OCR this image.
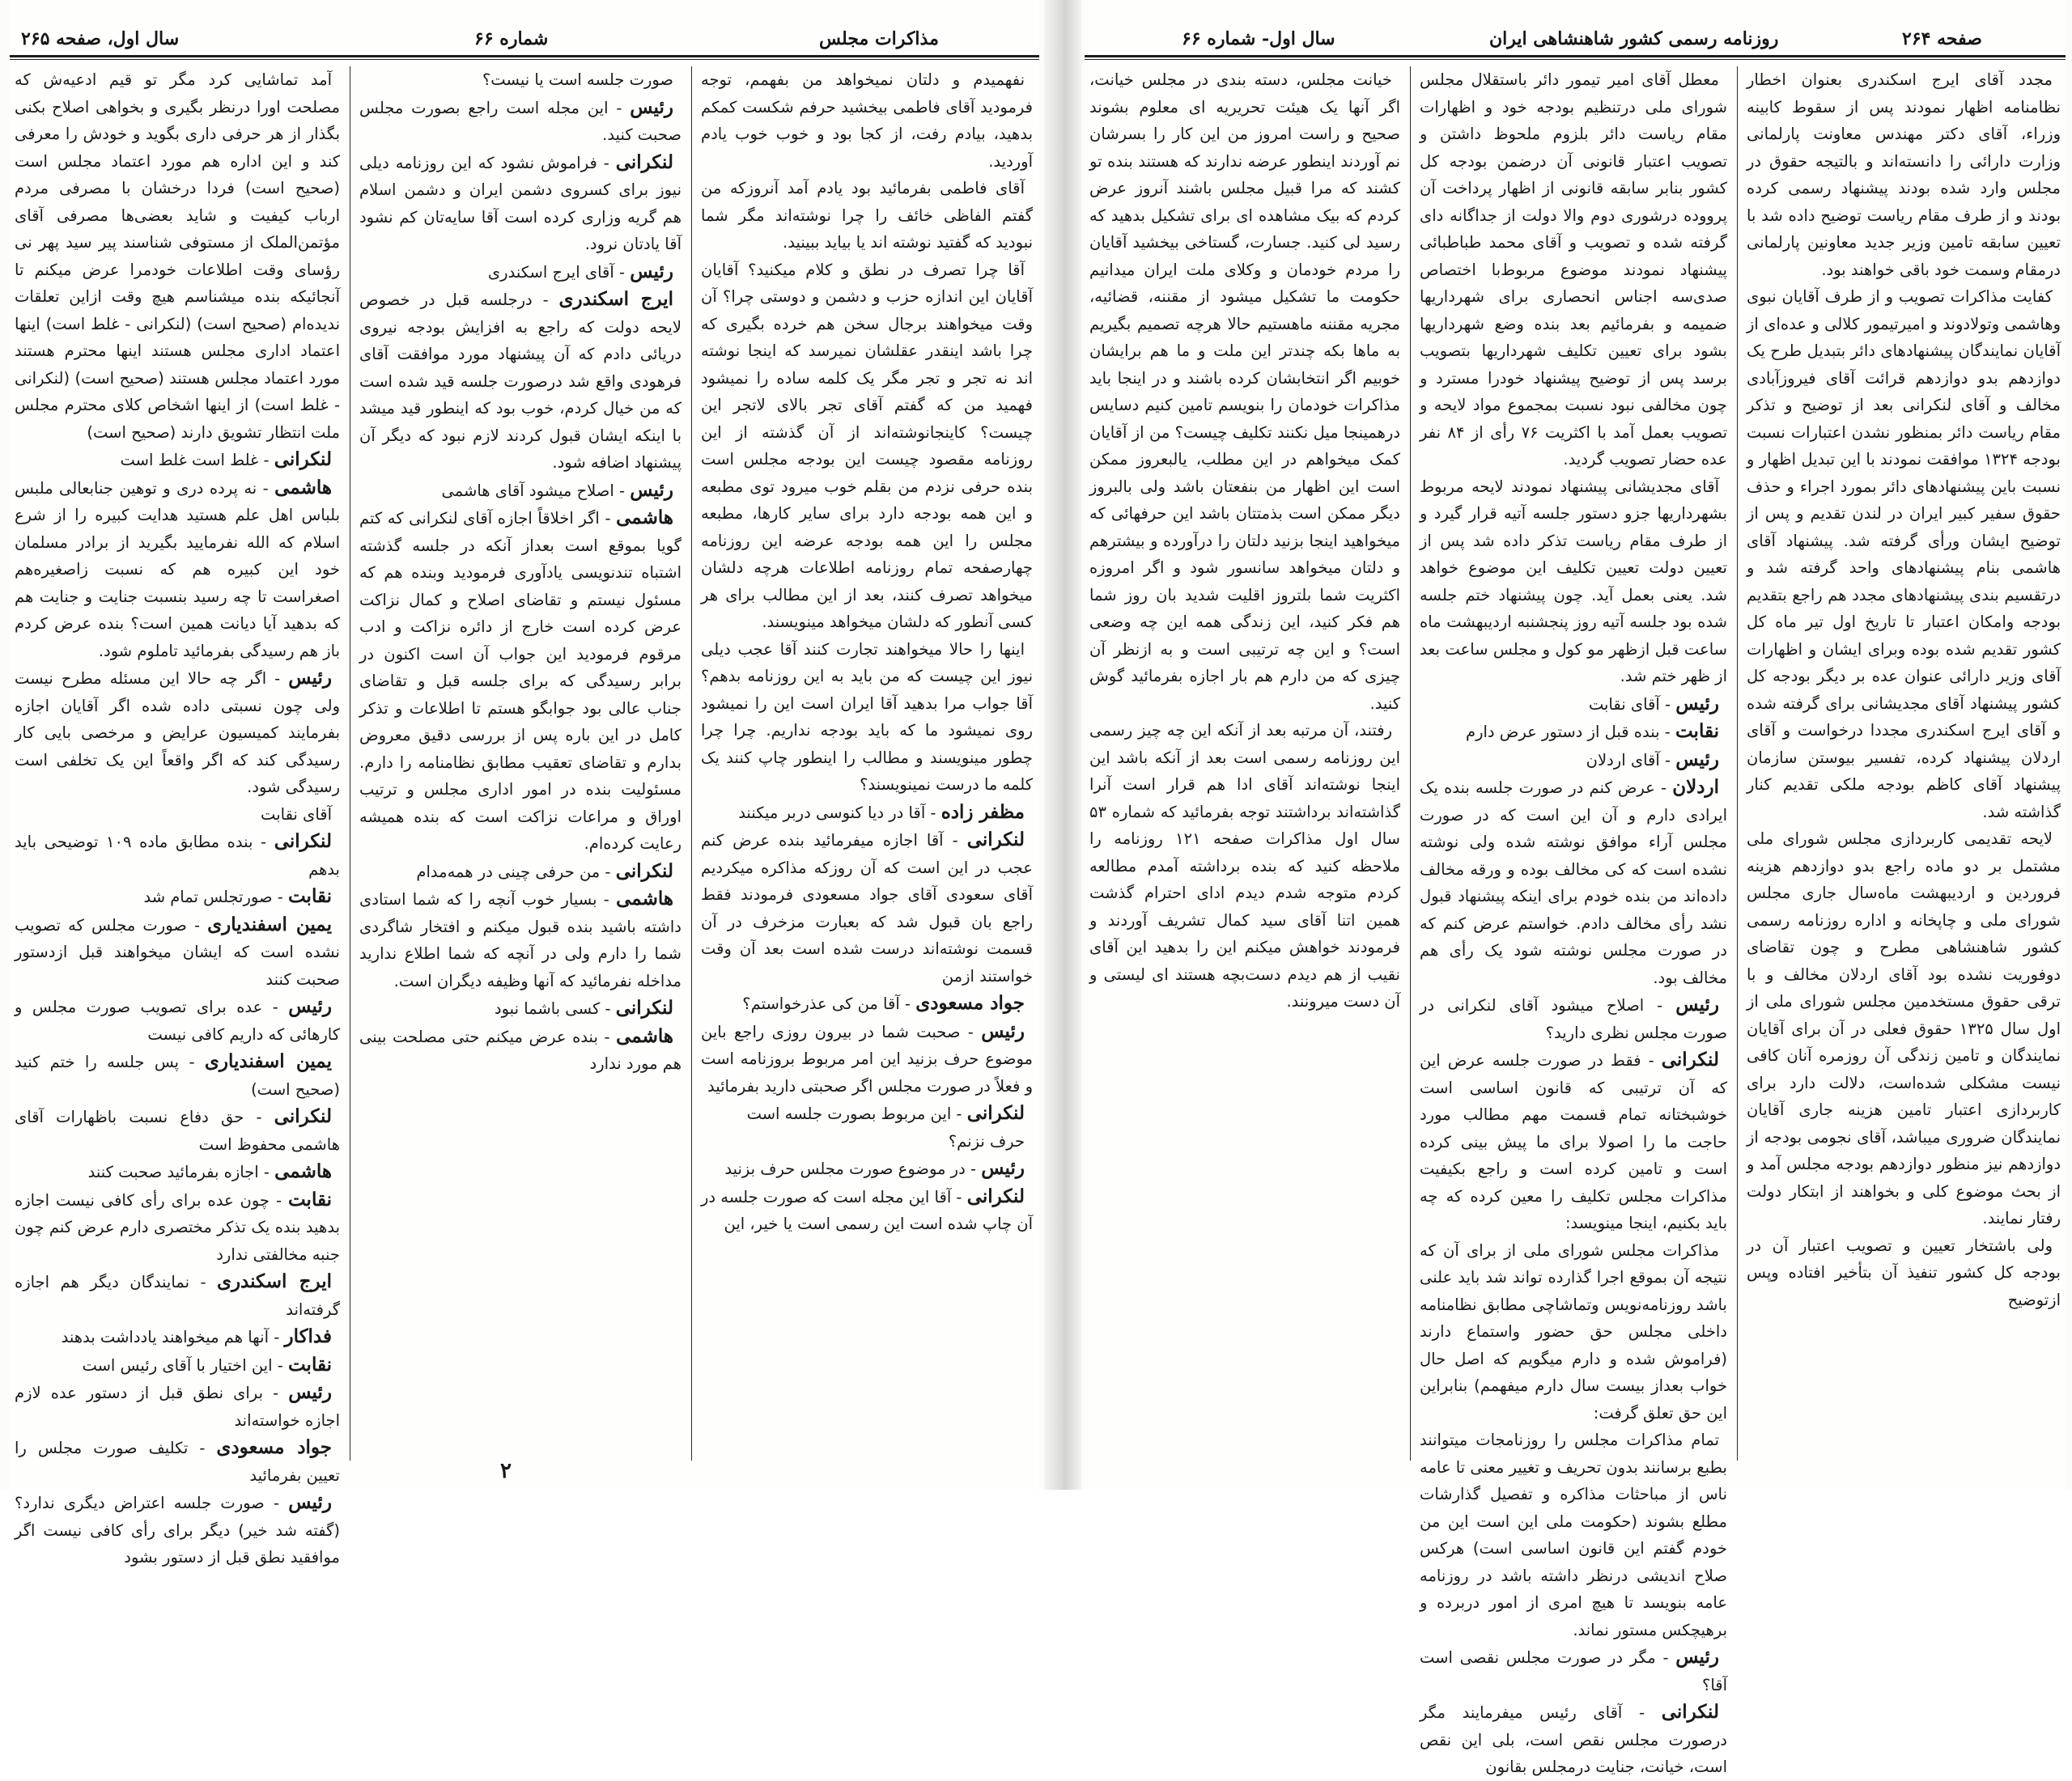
سال اول، صفحه ۲۶۵	شماره ۶۶	مذاکرات مجلس

آمد تماشایی کرد مگر تو قیم ادعیه‌ش که مصلحت اورا درنظر بگیری و بخواهی اصلاح بکنی بگذار از هر حرفی داری بگوید و خودش را معرفی کند و این اداره هم مورد اعتماد مجلس است (صحیح است) فردا درخشان با مصرفی مردم ارباب کیفیت و شاید بعضی‌ها مصرفی آقای مؤتمن‌الملک از مستوفی شناسند پیر سید پهر نی رؤسای وقت اطلاعات خودمرا عرض میکنم تا آنجائیکه بنده میشناسم هیچ وقت ازاین تعلقات ندیده‌ام (صحیح است) (لنکرانی - غلط است) اینها اعتماد اداری مجلس هستند اینها محترم هستند مورد اعتماد مجلس هستند (صحیح است) (لنکرانی - غلط است) از اینها اشخاص کلای محترم مجلس ملت انتظار تشویق دارند (صحیح است)

لنکرانی - غلط است غلط است

هاشمی - نه پرده دری و توهین جنابعالی ملبس بلباس اهل علم هستید هدایت کبیره را از شرع اسلام که الله نفرمایید بگیرید از برادر مسلمان خود این کبیره هم که نسبت زاصغیره‌هم اصغراست تا چه رسید بنسبت جنایت و جنایت هم که بدهید آیا دیانت همین است؟ بنده عرض کردم باز هم رسیدگی بفرمائید تاملوم شود.

رئیس - اگر چه حالا این مسئله مطرح نیست ولی چون نسبتی داده شده اگر آقایان اجازه بفرمایند کمیسیون عرایض و مرخصی بایی کار رسیدگی کند که اگر واقعاً این یک تخلفی است رسیدگی شود.

آقای نقابت

لنکرانی - بنده مطابق ماده ۱۰۹ توضیحی باید بدهم

نقابت - صورتجلس تمام شد

یمین اسفندیاری - صورت مجلس که تصویب نشده است که ایشان میخواهند قبل ازدستور صحبت کنند

رئیس - عده برای تصویب صورت مجلس و کارهائی که داریم کافی نیست

یمین اسفندیاری - پس جلسه را ختم کنید (صحیح است)

لنکرانی - حق دفاع نسبت باظهارات آقای هاشمی محفوظ است

هاشمی - اجازه بفرمائید صحبت کنند

نقابت - چون عده برای رأی کافی نیست اجازه بدهید بنده یک تذکر مختصری دارم عرض کنم چون جنبه مخالفتی ندارد

ایرج اسکندری - نمایندگان دیگر هم اجازه گرفته‌اند

فداکار - آنها هم میخواهند یادداشت بدهند

نقابت - این اختیار با آقای رئیس است

رئیس - برای نطق قبل از دستور عده لازم اجازه خواسته‌اند

جواد مسعودی - تکلیف صورت مجلس را تعیین بفرمائید

رئیس - صورت جلسه اعتراض دیگری ندارد؟ (گفته شد خیر) دیگر برای رأی کافی نیست اگر موافقید نطق قبل از دستور بشود

صورت جلسه است یا نیست؟

رئیس - این مجله است راجع بصورت مجلس صحبت کنید.

لنکرانی - فراموش نشود که این روزنامه دیلی نیوز برای کسروی دشمن ایران و دشمن اسلام هم گریه وزاری کرده است آقا سایه‌تان کم نشود آقا یادتان نرود.

رئیس - آقای ایرج اسکندری

ایرج اسکندری - درجلسه قبل در خصوص لایحه دولت که راجع به افزایش بودجه نیروی دریائی دادم که آن پیشنهاد مورد موافقت آقای فرهودی واقع شد درصورت جلسه قید شده است که من خیال کردم، خوب بود که اینطور قید میشد با اینکه ایشان قبول کردند لازم نبود که دیگر آن پیشنهاد اضافه شود.

رئیس - اصلاح میشود آقای هاشمی

هاشمی - اگر اخلاقاً اجازه آقای لنکرانی که کتم گویا بموقع است بعداز آنکه در جلسه گذشته اشتباه تندنویسی یادآوری فرمودید وبنده هم که مسئول نیستم و تقاضای اصلاح و کمال نزاکت عرض کرده است خارج از دائره نزاکت و ادب مرقوم فرمودید این جواب آن است اکنون در برابر رسیدگی که برای جلسه قبل و تقاضای جناب عالی بود جوابگو هستم تا اطلاعات و تذکر کامل در این باره پس از بررسی دقیق معروض بدارم و تقاضای تعقیب مطابق نظامنامه را دارم. مسئولیت بنده در امور اداری مجلس و ترتیب اوراق و مراعات نزاکت است که بنده همیشه رعایت کرده‌ام.

لنکرانی - من حرفی چینی در همه‌مدام

هاشمی - بسیار خوب آنچه را که شما استادی داشته باشید بنده قبول میکنم و افتخار شاگردی شما را دارم ولی در آنچه که شما اطلاع ندارید مداخله نفرمائید که آنها وظیفه دیگران است.

لنکرانی - کسی باشما نبود

هاشمی - بنده عرض میکنم حتی مصلحت بینی هم مورد ندارد

نفهمیدم و دلتان نمیخواهد من بفهمم، توجه فرمودید آقای فاطمی بیخشید حرفم شکست کمکم بدهید، بیادم رفت، از کجا بود و خوب خوب یادم آوردید.

آقای فاطمی بفرمائید بود یادم آمد آنروزکه من گفتم الفاظی خائف را چرا نوشته‌اند مگر شما نبودید که گفتید نوشته اند یا بیاید ببینید.

آقا چرا تصرف در نطق و کلام میکنید؟ آقایان آقایان این اندازه حزب و دشمن و دوستی چرا؟ آن وقت میخواهند برجال سخن هم خرده بگیری که چرا باشد اینقدر عقلشان نمیرسد که اینجا نوشته اند نه تجر و تجر مگر یک کلمه ساده را نمیشود فهمید من که گفتم آقای تجر بالای لاتجر این چیست؟ کاینجانوشته‌اند از آن گذشته از این روزنامه مقصود چیست این بودجه مجلس است بنده حرفی نزدم من بقلم خوب میرود توی مطبعه و این همه بودجه دارد برای سایر کارها، مطبعه مجلس را این همه بودجه عرضه این روزنامه چهارصفحه تمام روزنامه اطلاعات هرچه دلشان میخواهد تصرف کنند، بعد از این مطالب برای هر کسی آنطور که دلشان میخواهد مینویسند.

اینها را حالا میخواهند تجارت کنند آقا عجب دیلی نیوز این چیست که من باید به این روزنامه بدهم؟ آقا جواب مرا بدهید آقا ایران است این را نمیشود روی نمیشود ما که باید بودجه نداریم. چرا چرا چطور مینویسند و مطالب را اینطور چاپ کنند یک کلمه ما درست نمینویسند؟

مظفر زاده - آقا در دیا کنوسی دربر میکنند

لنکرانی - آقا اجازه میفرمائید بنده عرض کنم عجب در این است که آن روزکه مذاکره میکردیم آقای سعودی آقای جواد مسعودی فرمودند فقط راجع بان قبول شد که بعبارت مزخرف در آن قسمت نوشته‌اند درست شده است بعد آن وقت خواستند ازمن

جواد مسعودی - آقا من کی عذرخواستم؟

رئیس - صحبت شما در بیرون روزی راجع باین موضوع حرف بزنید این امر مربوط بروزنامه است و فعلاً در صورت مجلس اگر صحبتی دارید بفرمائید

لنکرانی - این مربوط بصورت جلسه است

حرف نزنم؟

رئیس - در موضوع صورت مجلس حرف بزنید

لنکرانی - آقا این مجله است که صورت جلسه در آن چاپ شده است این رسمی است یا خیر، این

۲
سال اول- شماره ۶۶	روزنامه رسمی کشور شاهنشاهی ایران	صفحه ۲۶۴

خیانت مجلس، دسته بندی در مجلس خیانت، اگر آنها یک هیئت تحریریه ای معلوم بشوند صحیح و راست امروز من این کار را بسرشان نم آوردند اینطور عرضه ندارند که هستند بنده تو کشند که مرا قبیل مجلس باشند آنروز عرض کردم که بیک مشاهده ای برای تشکیل بدهید که رسید لی کنید. جسارت، گستاخی بیخشید آقایان را مردم خودمان و وکلای ملت ایران میدانیم حکومت ما تشکیل میشود از مقننه، قضائیه، مجریه مقننه ماهستیم حالا هرچه تصمیم بگیریم به ماها بکه چندتر این ملت و ما هم برایشان خوبیم اگر انتخابشان کرده باشند و در اینجا باید مذاکرات خودمان را بنویسم تامین کنیم دسایس درهمینجا میل نکنند تکلیف چیست؟ من از آقایان کمک میخواهم در این مطلب، یالبعروز ممکن است این اظهار من بنفعتان باشد ولی بالبروز دیگر ممکن است بذمتتان باشد این حرفهائی که میخواهید اینجا بزنید دلتان را درآورده و بیشترهم و دلتان میخواهد سانسور شود و اگر امروزه اکثریت شما بلتروز اقلیت شدید بان روز شما هم فکر کنید، این زندگی همه این چه وضعی است؟ و این چه ترتیبی است و به ازنظر آن چیزی که من دارم هم بار اجازه بفرمائید گوش کنید.

رفتند، آن مرتبه بعد از آنکه این چه چیز رسمی این روزنامه رسمی است بعد از آنکه باشد این اینجا نوشته‌اند آقای ادا هم قرار است آنرا گذاشته‌اند برداشتند توجه بفرمائید که شماره ۵۳ سال اول مذاکرات صفحه ۱۲۱ روزنامه را ملاحظه کنید که بنده برداشته آمدم مطالعه کردم متوجه شدم دیدم ادای احترام گذشت همین اتنا آقای سید کمال تشریف آوردند و فرمودند خواهش میکنم این را بدهید این آقای نقیب از هم دیدم دست‌بچه هستند ای لیستی و آن دست میرونند.

معطل آقای امیر تیمور دائر باستقلال مجلس شورای ملی درتنظیم بودجه خود و اظهارات مقام ریاست دائر بلزوم ملحوظ داشتن و تصویب اعتبار قانونی آن درضمن بودجه کل کشور بنابر سابقه قانونی از اظهار پرداخت آن پرووده درشوری دوم والا دولت از جداگانه دای گرفته شده و تصویب و آقای محمد طباطبائی پیشنهاد نمودند موضوع مربوط‌با اختصاص صدی‌سه اجناس انحصاری برای شهرداریها ضمیمه و بفرمائیم بعد بنده وضع شهرداریها بشود برای تعیین تکلیف شهرداریها بتصویب برسد پس از توضیح پیشنهاد خودرا مسترد و چون مخالفی نبود نسبت بمجموع مواد لایحه و تصویب بعمل آمد با اکثریت ۷۶ رأی از ۸۴ نفر عده حضار تصویب گردید.

آقای مجدیشانی پیشنهاد نمودند لایحه مربوط بشهرداریها جزو دستور جلسه آتیه قرار گیرد و از طرف مقام ریاست تذکر داده شد پس از تعیین دولت تعیین تکلیف این موضوع خواهد شد. یعنی بعمل آید. چون پیشنهاد ختم جلسه شده بود جلسه آتیه روز پنجشنبه اردیبهشت ماه ساعت قبل ازظهر مو کول و مجلس ساعت بعد از ظهر ختم شد.

رئیس - آقای نقابت

نقابت - بنده قبل از دستور عرض دارم

رئیس - آقای اردلان

اردلان - عرض کنم در صورت جلسه بنده یک ایرادی دارم و آن این است که در صورت مجلس آراء موافق نوشته شده ولی نوشته نشده است که کی مخالف بوده و ورقه مخالف داده‌اند من بنده خودم برای اینکه پیشنهاد قبول نشد رأی مخالف دادم. خواستم عرض کنم که در صورت مجلس نوشته شود یک رأی هم مخالف بود.

رئیس - اصلاح میشود آقای لنکرانی در صورت مجلس نظری دارید؟

لنکرانی - فقط در صورت جلسه عرض این که آن ترتیبی که قانون اساسی است خوشبختانه تمام قسمت مهم مطالب مورد حاجت ما را اصولا برای ما پیش بینی کرده است و تامین کرده است و راجع بکیفیت مذاکرات مجلس تکلیف را معین کرده که چه باید بکنیم، اینجا مینویسد:

مذاکرات مجلس شورای ملی از برای آن که نتیجه آن بموقع اجرا گذارده تواند شد باید علنی باشد روزنامه‌نویس وتماشاچی مطابق نظامنامه داخلی مجلس حق حضور واستماع دارند (فراموش شده و دارم میگویم که اصل حال خواب بعداز بیست سال دارم میفهمم) بنابراین این حق تعلق گرفت:

تمام مذاکرات مجلس را روزنامجات میتوانند بطبع برسانند بدون تحریف و تغییر معنی تا عامه ناس از مباحثات مذاکره و تفصیل گذارشات مطلع بشوند (حکومت ملی این است این من خودم گفتم این قانون اساسی است) هرکس صلاح اندیشی درنظر داشته باشد در روزنامه عامه بنویسد تا هیچ امری از امور دربرده و برهیچکس مستور نماند.

رئیس - مگر در صورت مجلس نقصی است آقا؟

لنکرانی - آقای رئیس میفرمایند مگر درصورت مجلس نقص است، بلی این نقص است، خیانت، جنایت درمجلس بقانون

مجدد آقای ایرج اسکندری بعنوان اخطار نظامنامه اظهار نمودند پس از سقوط کابینه وزراء، آقای دکتر مهندس معاونت پارلمانی وزارت دارائی را دانسته‌اند و بالتیجه حقوق در مجلس وارد شده بودند پیشنهاد رسمی کرده بودند و از طرف مقام ریاست توضیح داده شد با تعیین سابقه تامین وزیر جدید معاونین پارلمانی درمقام وسمت خود باقی خواهند بود.

کفایت مذاکرات تصویب و از طرف آقایان نبوی وهاشمی وتولادوند و امیرتیمور کلالی و عده‌ای از آقایان نمایندگان پیشنهادهای دائر بتبدیل طرح یک دوازدهم بدو دوازدهم قرائت آقای فیروزآبادی مخالف و آقای لنکرانی بعد از توضیح و تذکر مقام ریاست دائر بمنظور نشدن اعتبارات نسبت بودجه ۱۳۲۴ موافقت نمودند با این تبدیل اظهار و نسبت باین پیشنهادهای دائر بمورد اجراء و حذف حقوق سفیر کبیر ایران در لندن تقدیم و پس از توضیح ایشان ورأی گرفته شد. پیشنهاد آقای هاشمی بنام پیشنهادهای واحد گرفته شد و درتقسیم بندی پیشنهادهای مجدد هم راجع بتقدیم بودجه وامکان اعتبار تا تاریخ اول تیر ماه کل کشور تقدیم شده بوده وبرای ایشان و اظهارات آقای وزیر دارائی عنوان عده بر دیگر بودجه کل کشور پیشنهاد آقای مجدیشانی برای گرفته شده و آقای ایرج اسکندری مجددا درخواست و آقای اردلان پیشنهاد کرده، تفسیر بیوستن سازمان پیشنهاد آقای کاظم بودجه ملکی تقدیم کنار گذاشته شد.

لایحه تقدیمی کاربردازی مجلس شورای ملی مشتمل بر دو ماده راجع بدو دوازدهم هزینه فروردین و اردیبهشت ماه‌سال جاری مجلس شورای ملی و چاپخانه و اداره روزنامه رسمی کشور شاهنشاهی مطرح و چون تقاضای دوفوریت نشده بود آقای اردلان مخالف و با ترقی حقوق مستخدمین مجلس شورای ملی از اول سال ۱۳۲۵ حقوق فعلی در آن برای آقایان نمایندگان و تامین زندگی آن روزمره آنان کافی نیست مشکلی شده‌است، دلالت دارد برای کاربردازی اعتبار تامین هزینه جاری آقایان نمایندگان ضروری میباشد، آقای نجومی بودجه از دوازدهم نیز منظور دوازدهم بودجه مجلس آمد و از بحث موضوع کلی و بخواهند از ابتکار دولت رفتار نمایند.

ولی باشتخار تعیین و تصویب اعتبار آن در بودجه کل کشور تنفیذ آن بتأخیر افتاده وپس ازتوضیح
